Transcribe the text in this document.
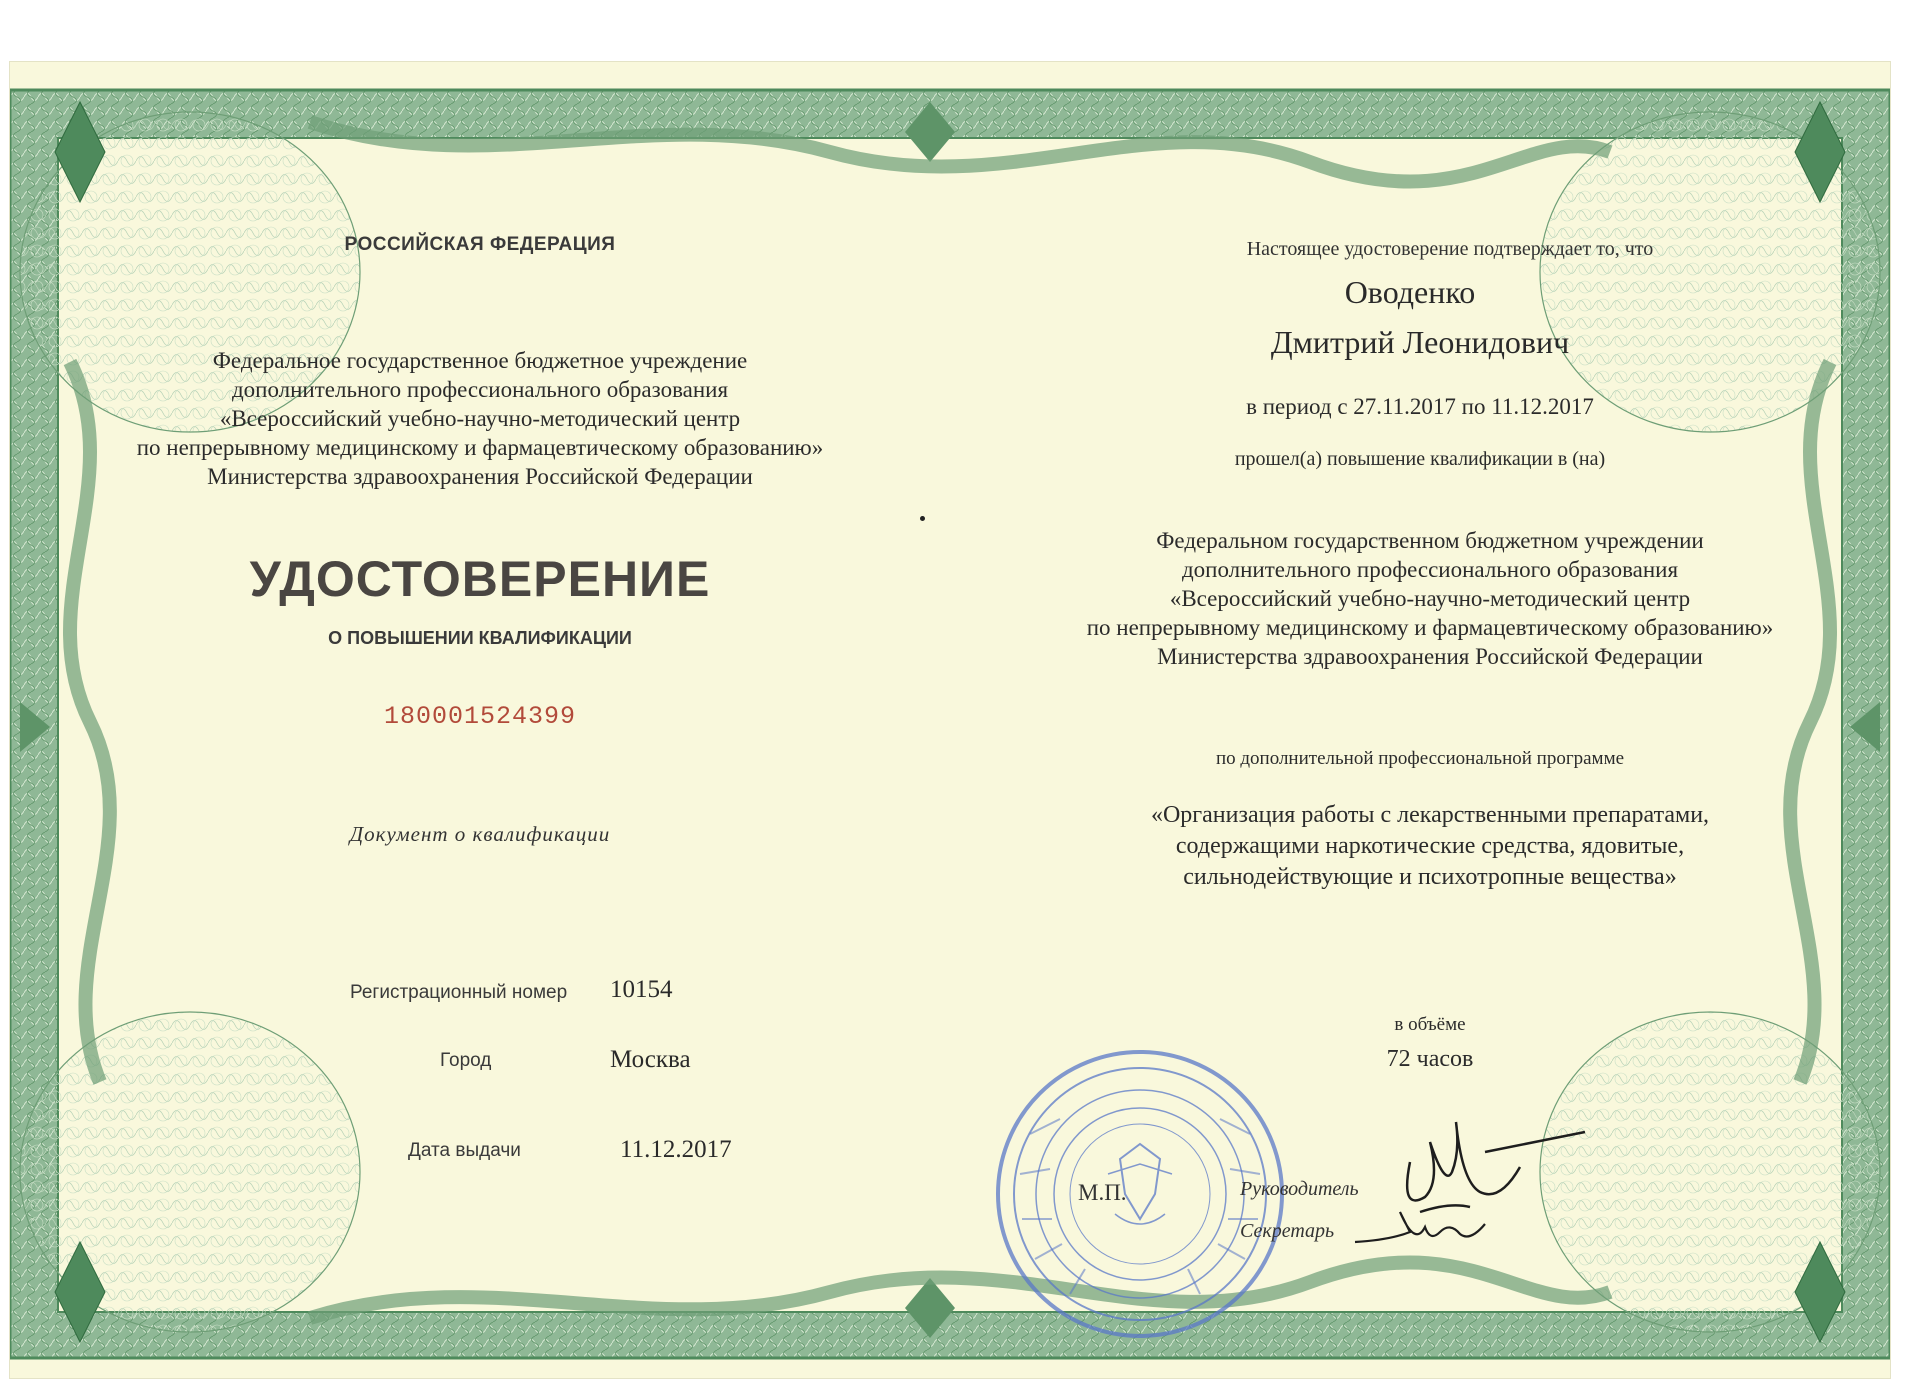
РОССИЙСКАЯ ФЕДЕРАЦИЯ

Федеральное государственное бюджетное учреждение

дополнительного профессионального образования

«Всероссийский учебно-научно-методический центр

по непрерывному медицинскому и фармацевтическому образованию»

Министерства здравоохранения Российской Федерации

УДОСТОВЕРЕНИЕ
О ПОВЫШЕНИИ КВАЛИФИКАЦИИ
180001524399
Документ о квалификации
Регистрационный номер 10154
Город	Москва
Дата выдачи	11.12.2017
Настоящее удостоверение подтверждает то, что
Оводенко
Дмитрий Леонидович
в период с 27.11.2017 по 11.12.2017
прошел(а) повышение квалификации в (на)

Федеральном государственном бюджетном учреждении

дополнительного профессионального образования

«Всероссийский учебно-научно-методический центр

по непрерывному медицинскому и фармацевтическому образованию»

Министерства здравоохранения Российской Федерации

по дополнительной профессиональной программе

«Организация работы с лекарственными препаратами,

содержащими наркотические средства, ядовитые,

сильнодействующие и психотропные вещества»

в объёме
72 часов
М.П.	Руководитель
Секретарь
